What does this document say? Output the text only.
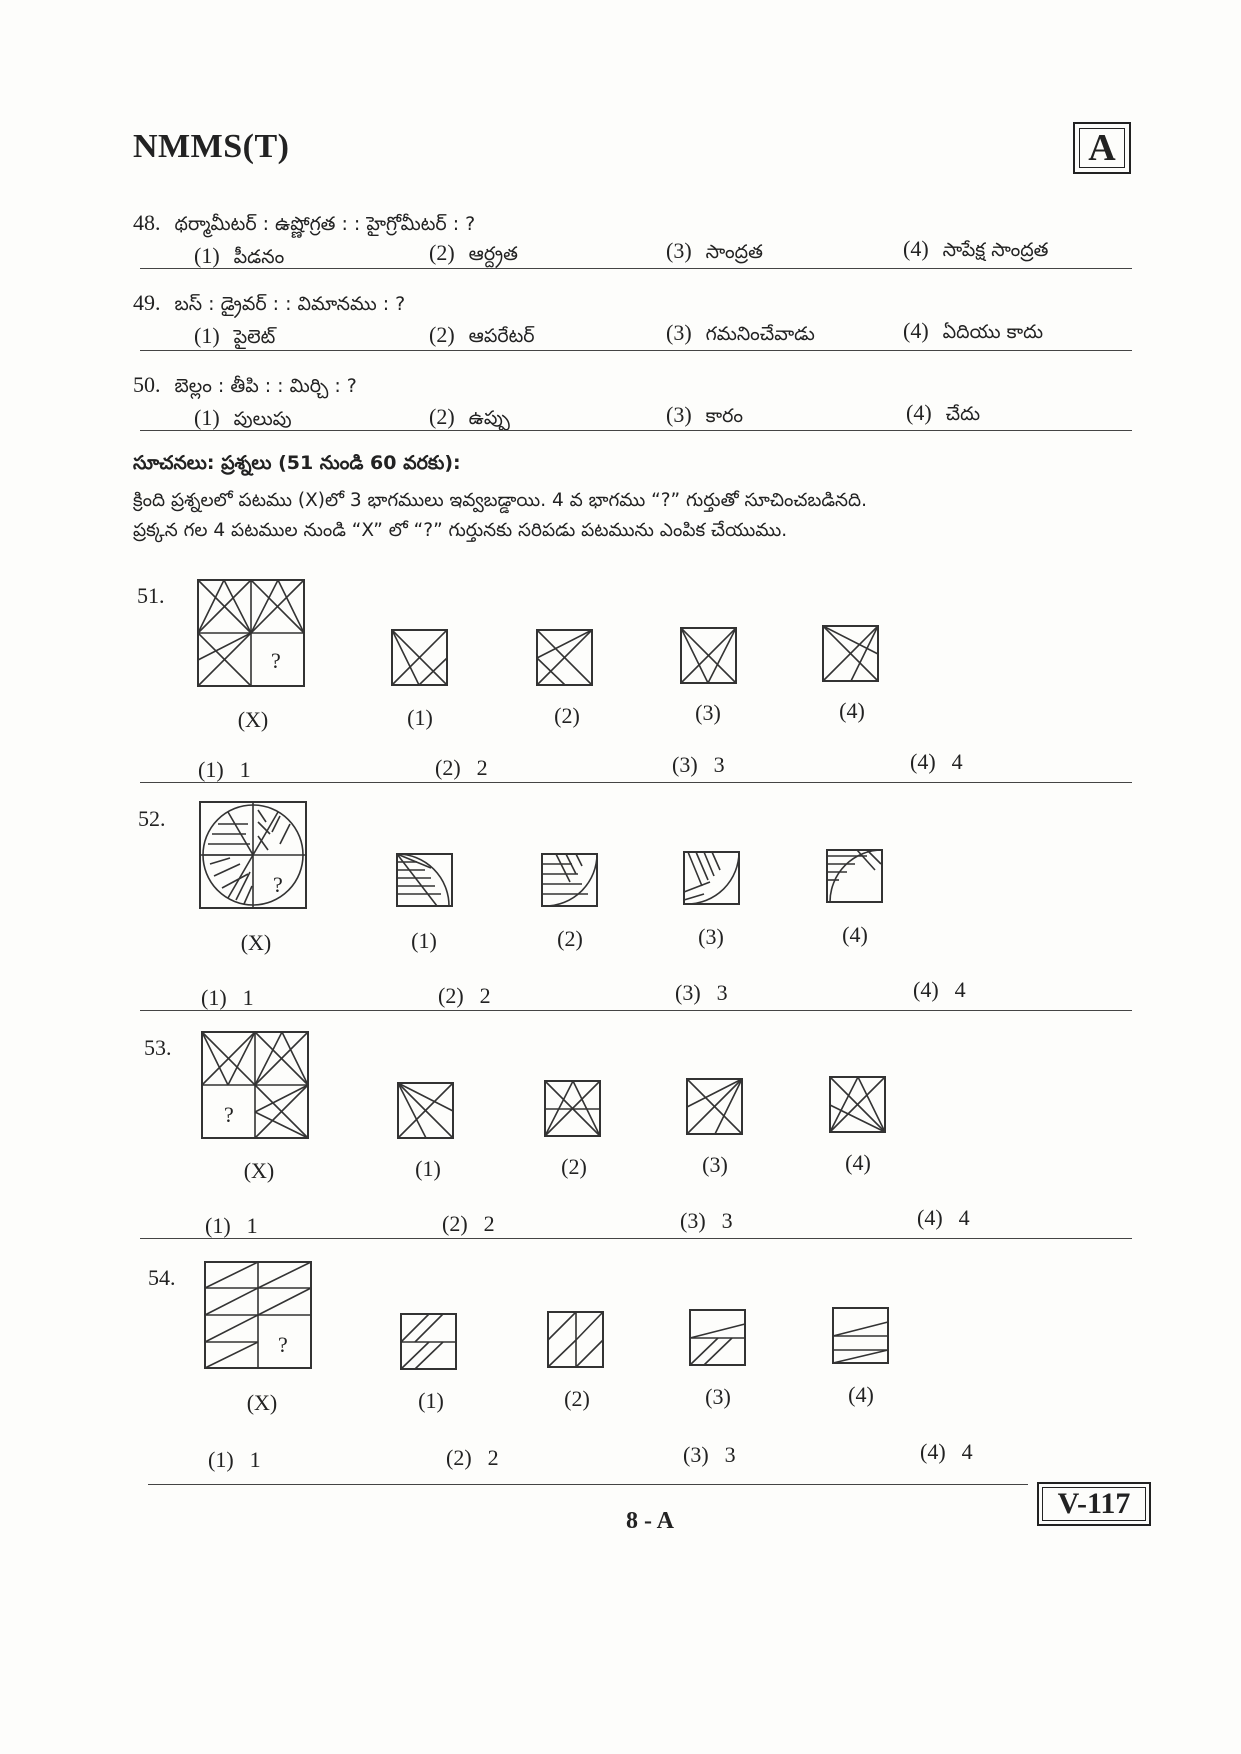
NMMS(T)	A
48. థర్మామీటర్ : ఉష్ణోగ్రత : : హైగ్రోమీటర్ : ?
(1) పీడనం	(2) ఆర్ద్రత	(3) సాంద్రత	(4) సాపేక్ష సాంద్రత
49. బస్ : డ్రైవర్ : : విమానము : ?
(1) పైలెట్	(2) ఆపరేటర్	(3) గమనించేవాడు	(4) ఏదియు కాదు
50. బెల్లం : తీపి : : మిర్చి : ?
(1) పులుపు	(2) ఉప్పు	(3) కారం	(4) చేదు
సూచనలు: ప్రశ్నలు (51 నుండి 60 వరకు):
క్రింది ప్రశ్నలలో పటము (X)లో 3 భాగములు ఇవ్వబడ్డాయి. 4 వ భాగము “?” గుర్తుతో సూచించబడినది.
ప్రక్కన గల 4 పటముల నుండి “X” లో “?” గుర్తునకు సరిపడు పటమును ఎంపిక చేయుము.
51.
?
(X)	(1)	(2)	(3)	(4)
(1) 1	(2) 2	(3) 3	(4) 4
52.
?
(X)	(1)	(2)	(3)	(4)
(1) 1	(2) 2	(3) 3	(4) 4
53.
?
(X)	(1)	(2)	(3)	(4)
(1) 1	(2) 2	(3) 3	(4) 4
54.
?
(X)	(1)	(2)	(3)	(4)
(1) 1	(2) 2	(3) 3	(4) 4
8 - A
V-117
